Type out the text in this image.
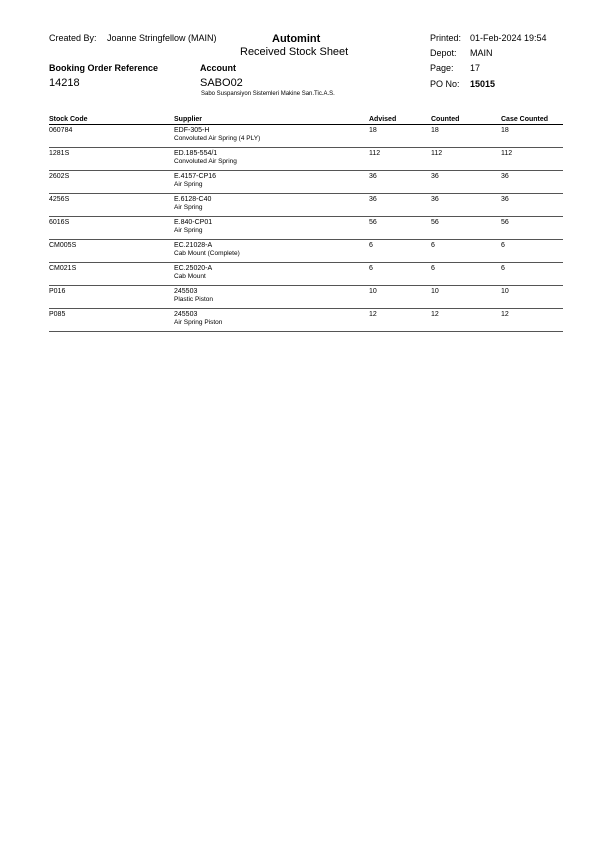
Created By: Joanne Stringfellow (MAIN)	Automint
Received Stock Sheet
Printed: 01-Feb-2024 19:54
Depot: MAIN
Booking Order Reference
14218
Account
SABO02
Sabo Suspansiyon Sistemleri Makine San.Tic.A.S.
Page: 17
PO No: 15015
Stock Code	Supplier	Advised	Counted	Case Counted
060784	EDF-305-H
Convoluted Air Spring (4 PLY)	18	18	18
1281S	ED.185-554/1
Convoluted Air Spring	112	112	112
2602S	E.4157-CP16
Air Spring	36	36	36
4256S	E.6128-C40
Air Spring	36	36	36
6016S	E.840-CP01
Air Spring	56	56	56
CM005S	EC.21028-A
Cab Mount (Complete)	6	6	6
CM021S	EC.25020-A
Cab Mount	6	6	6
P016	245503
Plastic Piston	10	10	10
P085	245503
Air Spring Piston	12	12	12
